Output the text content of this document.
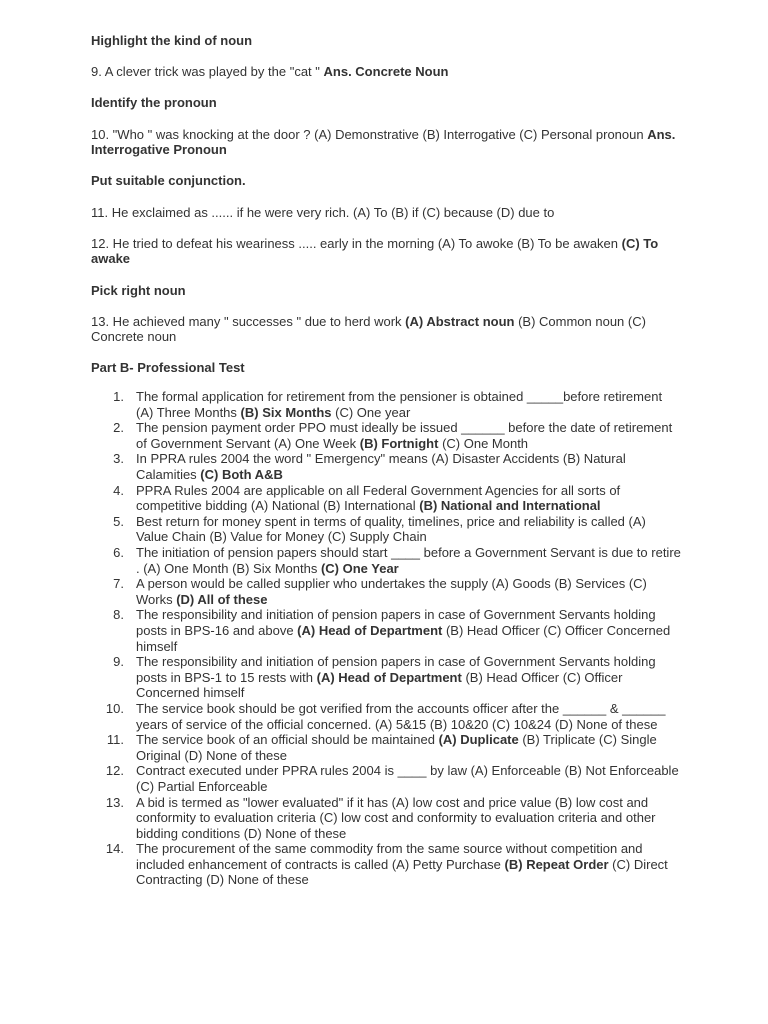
Highlight the kind of noun

9. A clever trick was played by the "cat " Ans. Concrete Noun

Identify the pronoun

10. "Who " was knocking at the door ? (A) Demonstrative (B) Interrogative (C) Personal pronoun Ans. Interrogative Pronoun

Put suitable conjunction.

11. He exclaimed as ...... if he were very rich. (A) To (B) if (C) because (D) due to

12. He tried to defeat his weariness ..... early in the morning (A) To awoke (B) To be awaken (C) To awake

Pick right noun

13. He achieved many " successes " due to herd work (A) Abstract noun (B) Common noun (C) Concrete noun

Part B- Professional Test

1. The formal application for retirement from the pensioner is obtained _____before retirement (A) Three Months (B) Six Months (C) One year
2. The pension payment order PPO must ideally be issued ______ before the date of retirement of Government Servant (A) One Week (B) Fortnight (C) One Month
3. In PPRA rules 2004 the word " Emergency" means (A) Disaster Accidents (B) Natural Calamities (C) Both A&B
4. PPRA Rules 2004 are applicable on all Federal Government Agencies for all sorts of competitive bidding (A) National (B) International (B) National and International
5. Best return for money spent in terms of quality, timelines, price and reliability is called (A) Value Chain (B) Value for Money (C) Supply Chain
6. The initiation of pension papers should start ____ before a Government Servant is due to retire . (A) One Month (B) Six Months (C) One Year
7. A person would be called supplier who undertakes the supply (A) Goods (B) Services (C) Works (D) All of these
8. The responsibility and initiation of pension papers in case of Government Servants holding posts in BPS-16 and above (A) Head of Department (B) Head Officer (C) Officer Concerned himself
9. The responsibility and initiation of pension papers in case of Government Servants holding posts in BPS-1 to 15 rests with (A) Head of Department (B) Head Officer (C) Officer Concerned himself
10. The service book should be got verified from the accounts officer after the ______ & ______ years of service of the official concerned. (A) 5&15 (B) 10&20 (C) 10&24 (D) None of these
11. The service book of an official should be maintained (A) Duplicate (B) Triplicate (C) Single Original (D) None of these
12. Contract executed under PPRA rules 2004 is ____ by law (A) Enforceable (B) Not Enforceable (C) Partial Enforceable
13. A bid is termed as "lower evaluated" if it has (A) low cost and price value (B) low cost and conformity to evaluation criteria (C) low cost and conformity to evaluation criteria and other bidding conditions (D) None of these
14. The procurement of the same commodity from the same source without competition and included enhancement of contracts is called (A) Petty Purchase (B) Repeat Order (C) Direct Contracting (D) None of these
